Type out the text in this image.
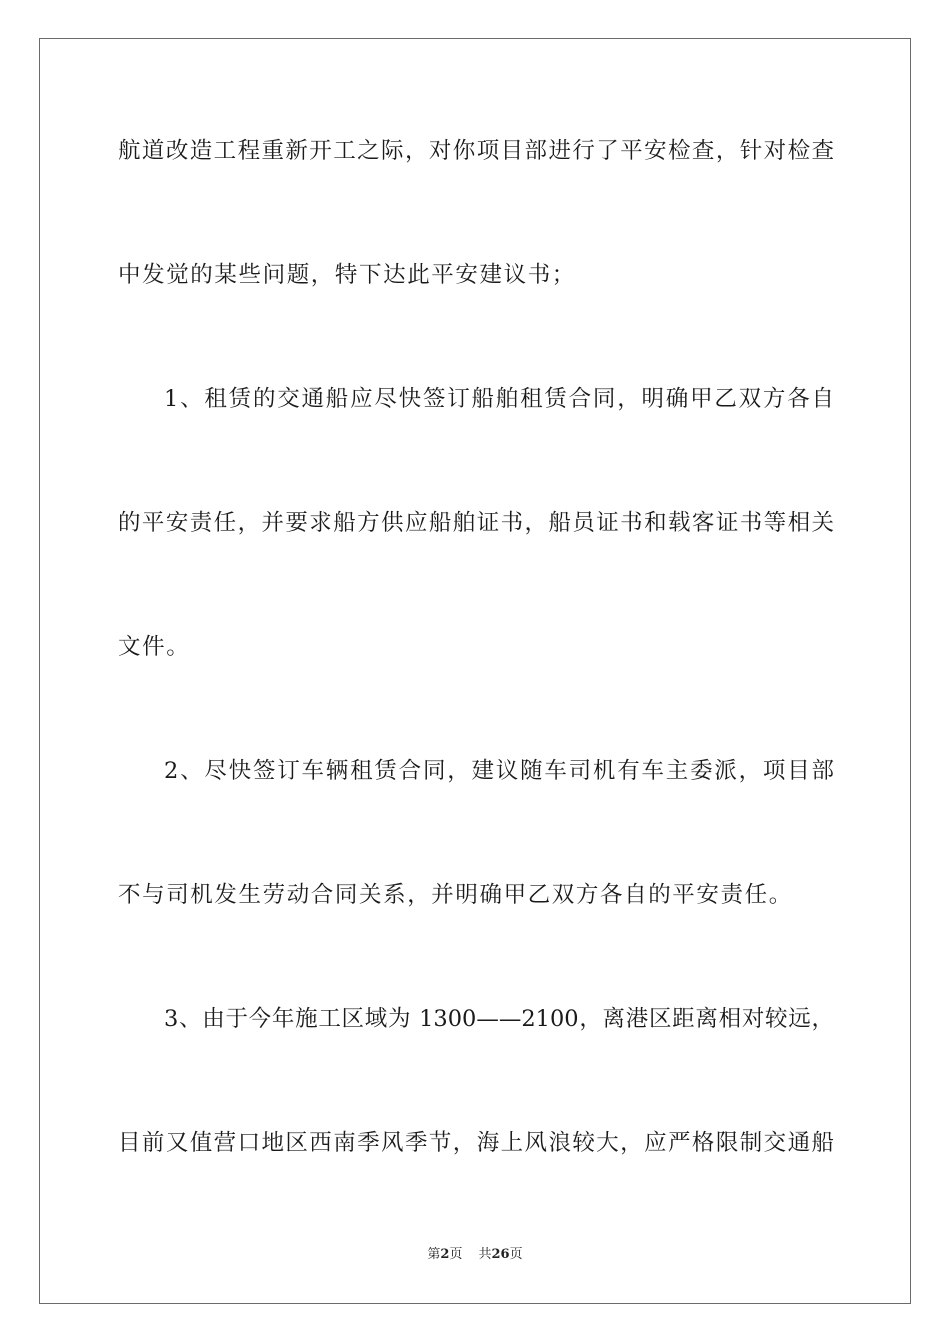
航道改造工程重新开工之际，对你项目部进行了平安检查，针对检查
中发觉的某些问题，特下达此平安建议书；
1、租赁的交通船应尽快签订船舶租赁合同，明确甲乙双方各自
的平安责任，并要求船方供应船舶证书，船员证书和载客证书等相关
文件。
2、尽快签订车辆租赁合同，建议随车司机有车主委派，项目部
不与司机发生劳动合同关系，并明确甲乙双方各自的平安责任。
3、由于今年施工区域为 1300——2100，离港区距离相对较远，
目前又值营口地区西南季风季节，海上风浪较大，应严格限制交通船
第2页 共26页
